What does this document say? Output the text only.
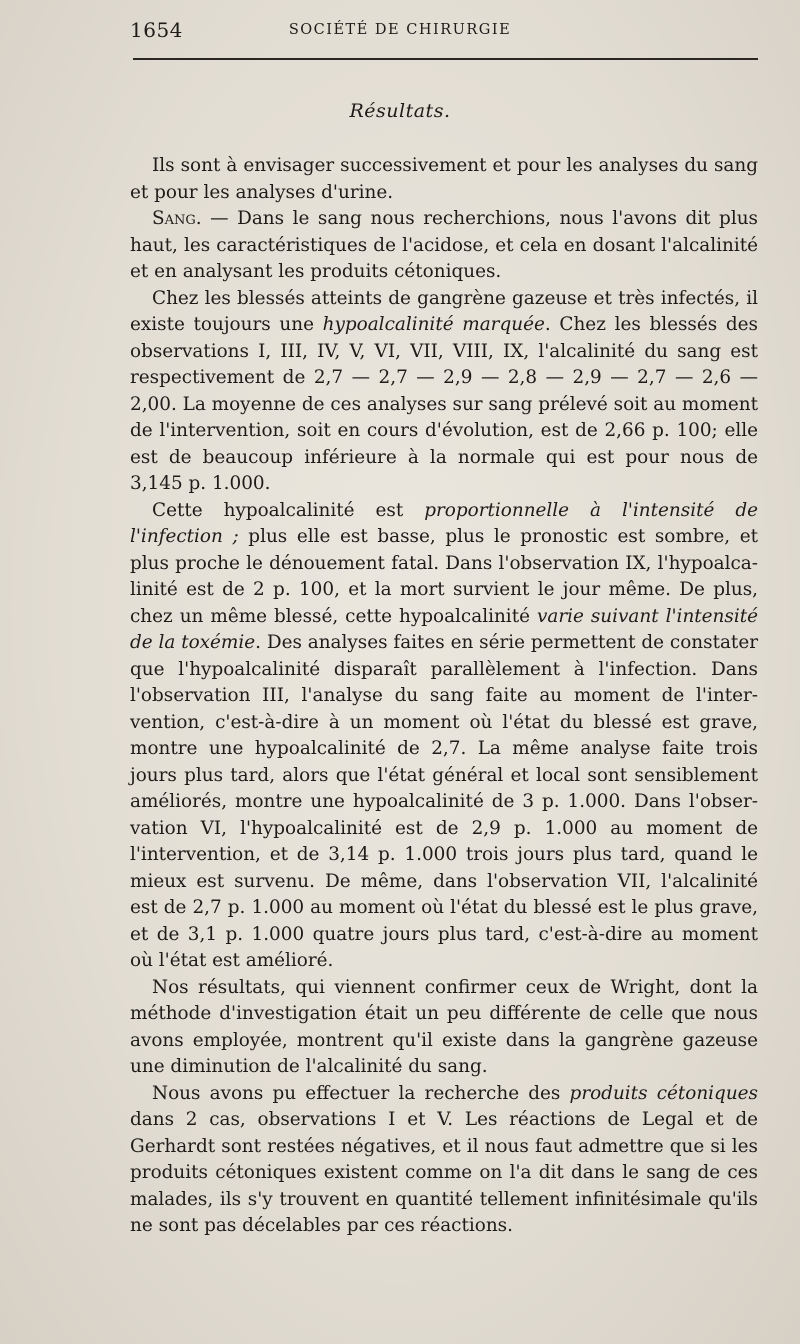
1654	SOCIÉTÉ DE CHIRURGIE
Résultats.

Ils sont à envisager successivement et pour les analyses du sang et pour les analyses d'urine.

Sang. — Dans le sang nous recherchions, nous l'avons dit plus haut, les caractéristiques de l'acidose, et cela en dosant l'alcalinité et en analysant les produits cétoniques.

Chez les blessés atteints de gangrène gazeuse et très infectés, il existe toujours une hypoalcalinité marquée. Chez les blessés des observations I, III, IV, V, VI, VII, VIII, IX, l'alcalinité du sang est respectivement de 2,7 — 2,7 — 2,9 — 2,8 — 2,9 — 2,7 — 2,6 — 2,00. La moyenne de ces analyses sur sang prélevé soit au moment de l'intervention, soit en cours d'évolution, est de 2,66 p. 100; elle est de beaucoup inférieure à la normale qui est pour nous de 3,145 p. 1.000.

Cette hypoalcalinité est proportionnelle à l'intensité de l'infection ; plus elle est basse, plus le pronostic est sombre, et plus proche le dénouement fatal. Dans l'observation IX, l'hypoalcalinité est de 2 p. 100, et la mort survient le jour même. De plus, chez un même blessé, cette hypoalcalinité varie suivant l'intensité de la toxémie. Des analyses faites en série permettent de constater que l'hypoalcalinité disparaît parallèlement à l'infection. Dans l'observation III, l'analyse du sang faite au moment de l'intervention, c'est-à-dire à un moment où l'état du blessé est grave, montre une hypoalcalinité de 2,7. La même analyse faite trois jours plus tard, alors que l'état général et local sont sensiblement améliorés, montre une hypoalcalinité de 3 p. 1.000. Dans l'observation VI, l'hypoalcalinité est de 2,9 p. 1.000 au moment de l'intervention, et de 3,14 p. 1.000 trois jours plus tard, quand le mieux est survenu. De même, dans l'observation VII, l'alcalinité est de 2,7 p. 1.000 au moment où l'état du blessé est le plus grave, et de 3,1 p. 1.000 quatre jours plus tard, c'est-à-dire au moment où l'état est amélioré.

Nos résultats, qui viennent confirmer ceux de Wright, dont la méthode d'investigation était un peu différente de celle que nous avons employée, montrent qu'il existe dans la gangrène gazeuse une diminution de l'alcalinité du sang.

Nous avons pu effectuer la recherche des produits cétoniques dans 2 cas, observations I et V. Les réactions de Legal et de Gerhardt sont restées négatives, et il nous faut admettre que si les produits cétoniques existent comme on l'a dit dans le sang de ces malades, ils s'y trouvent en quantité tellement infinitésimale qu'ils ne sont pas décelables par ces réactions.
